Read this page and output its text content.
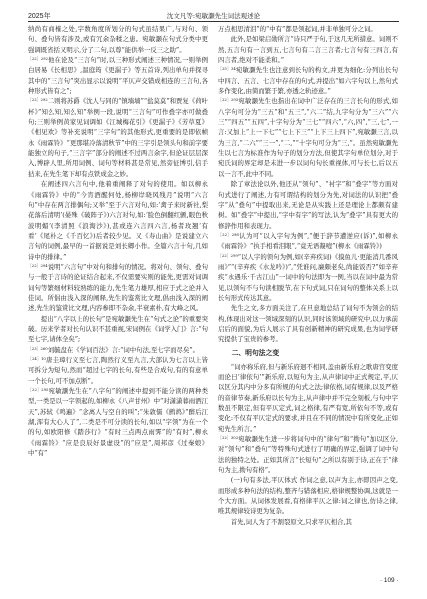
2025年	沈文凡等:宛敏灏先生词法观述论

纳尚有商榷之处,字数角度所划分的句式虽结果广,与对句、领句、叠句皆有涉及,或有冗余杂糅之患。宛敏灏在句式分类中更强调既省括又明示,分了二句,以尊“能供举一反三之助”。

$^{[22]292}$他在论及“三言句”时,以三种形式阐述三种情况,一则举例白居易《长相思》,温庭筠《更漏子》等五首诗,列出单句并探寻其中的“三言句”突出显示以说明“平仄声交错成相连的三言句,各种形式皆有之”;

$^{[22]292}$二则将苏爵《沈人与同的“镇墙墙”“盐莫莫”和贾复《荷叶杯》”知么知,知么知”举例一段,说明“三言句”可作叠字亦可做叠句;三则举例黄家见词调如《江城梅花引》《更漏子》《芳草夏》《相见欢》等补充说明“三字句”的其他形式,更重要的是即依帧永《雨霖铃》“更那堪冷落清秋节”中的三字引是领头句和前字要能独立的句子,“三言字”部分的阐述不过两言余字,但论证层层深入,博辟人里,所用词例、词句等材料甚是常见,然旁征博引,信手拈来,在先生笔下却有点铁成金之妙。

在阐述四六言句中,他着重阐释了对句的使用。如以柳永《雨霖铃》中的“今宵酒醒何处,杨柳岸晓风残月”说明“六言句”中存在两言排偶句;又举“至于六言对句,如:‘禽子来时新社,梨花落后清明’(晏殊《破阵子》)六言对句,如:‘脸色倒翻红颤,眼色秋波明媚’(李清照《浪淘沙》),甚或连六言四六言,杨者玫翘‘有看’《尾朴之《千百忆》)后者较少见。又《寿山曲》是说建立六言句的词例,最早的一首据说是刘长卿小作。全篇六言十句,几如诗中的排律。”

$^{[22]294}$说明“六言句”中对句和排句的情况。将对句、领句、叠句与一般于言诗的论证结合起来,不仅需要实则的能先,更需对词调词句等繁细材料较熟练的能力,先生笔力雄厚,相应于式之论并入佳词。所倡由浅入深的阐释,先生的鉴赏比文理,倡由浅入深的阐述,先生的鉴赏比文理,内容参即不杂余,半衰素朴,有大峰之风。

提出“八字以上的长句”是宛敏灏先生在“句式之论”的重要突破。历来学者对长句认识不甚重视,宋词例在《词学入门》言:“句至七字,请体全矣”;

$^{[23]260}$刘毓盘在《学词百法》言:“词中句法,至七字而尽矣”。

$^{[24]10}$唐圭璋行义至七言,陶然行义至九言,大部认为七言以上皆可拆分为短句,然而“超过七字的长句,有些是合成句,有的有意单一个长句,可不加点断”。

$^{[22]295}$宛敏灏先生在“八字句”的阐述中提到不能分读的两种类型,一类是以一字领起的,如柳永《八声甘州》中“对潇潇暮雨洒江天”,苏轼《鸣遍》“念离人与空自的叫”;“朱敦儒《鹧鸪》”醉后江湖,浑有大心人了”,二类是不可分读的长句,如以“字领”为在一个的句,如欧阳修《踏莎行》“有时三点两点雨霁”的“有时”,柳永《雨霖铃》“应是良辰好景虚设”的“应是”,周邦彦《过秦娘》中“有”

万点相思清泪”的“中有”都是领起词,并非单独可分之词。

此外,是如梁启勋所言“诗只严于句,于这几无所措意。词则不然,五言句有一言到五,七言句有二言三言者;七言句有三四言,有四言者,绝对不能柔和。”

$^{[25]34}$宛敏灏先生也注意到长句的构文,并更为细化:分列出长句中四言、五言、七言中存在的句式,并提出“如六字句以上,然句式多作变化,由简而繁于繁,亦透之轨迹意。”

$^{[22]293}$宛敏灏先生也指出在词中广泛存在的三言长句的形式,如八字句可分为“三五”和“五三”,“六二”结,九字句分为“三六”“六三”“四五”“五四”,十字句分为“三七”“四六”,“六,四”,“三,七”,一言:又加上“上一下七”“七上下三”“上下三上四下”,宛敏灏三言,以为三言,“二六”“三一”,“二,”“十字句可分为“三,”。虽然宛敏灏先生以七言为标准作为句子的划分方法,但使其字句单位划分,对于宛氏词的界定却是未进一步以词句句长重视体,可与长七,后以五以一言不,此中不同。

除了章法论以外,他还从“领句”、“衬字”和“叠字”等方面对句式进行了阐述,力有可谓结构的划分为先,对词法的认识把“叠字”从“叠句”中提取出来,无论是从实践上还是理论上都颇有建树。如“叠字”中提出,“字中有字”的写法,认为“叠字”具有更大的修辞作用和表现力。

$^{[22]298}$认为可“以入字句为例”,“便于辞节遭逆应(诉)”,如柳永《雨霖铃》“执手相看泪眼”,“竟无语凝噎”(柳永《雨霖铃》)

$^{[22]299}$“以人字的领句为例,如(辛弃疾词)《摸鱼儿·更能消几番风雨》”“(辛弃疾《水龙吟》)”,“凭谁问,廉颇老矣,尚能饭否?”如辛弃疾“永遇乐·千古江山”一词中的句法即为一例,当以在词中最为常见,以领句不与句读相脱节,在下句式词,只在词句的整体关系上以长句形式传达其意。

先生之文,多方面关注了,在旦意地总结了词句不为领会的结构,体现出对这一领域深刻的认识,同时该领域的研究中,以力承前启后的面貌,为后人展示了具有创新精神的研究成果,也为词学研究提供了宝贵的参考。

二、明句法之变

“词亦称乐府,但与新乐府迥不相同,盖由新乐府之歌唐宫变度而论曰‘律依句’”新乐府,以短句为主,从声律词中正式规定,平,仄以区分其内中分多有所规的句式之法;律依格,词有规律,以及严格的音律节奏,新乐府以长句为主,从声律中并不完全刻板,与句中字数虽不限定,但有平仄定式,词之格律,有严有宽,所依句不等,或有变化:不仅有平仄定式的要求,并且在不同的情况中有所变化,正如宛先生所言。”

$^{[22]302}$宛敏灏先生进一步将词句中的“律句”和“拗句”加以区分,对“领句”和“叠句”等特殊句式进行了明确的界定,强调了词中句法的独特之处。正如其所言“长短句”之所以有别于诗,正在于“律句为主,拗句有格”。

(一)句有多法,平仄体式 作词之意,以声为主,亦即因声之变,而形成多种句法的结构,整齐与错落相应,格律规整协调,这就是一个大方面。从词体发展看,有格律平仄之律:词之律也,仿诗之律,唯其规律较诗更为复杂。

首先,词人为了不割裂原文,只求平仄相合,其

· 109 ·
